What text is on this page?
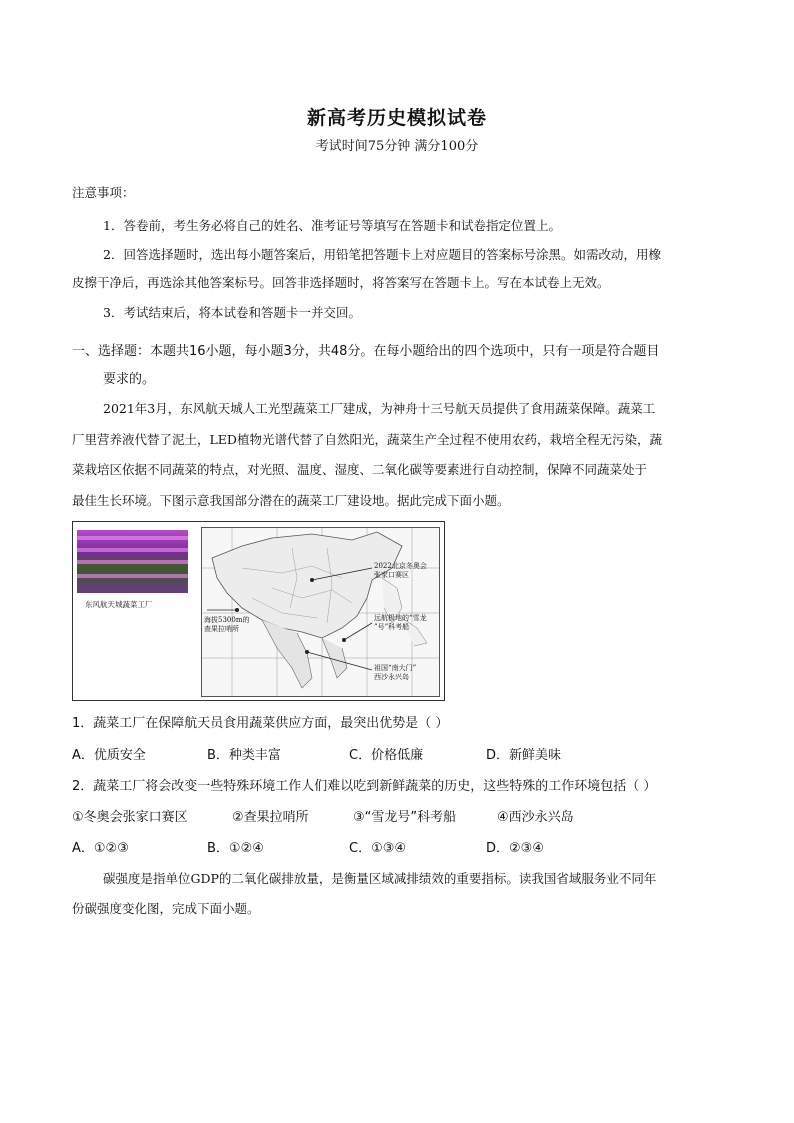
新高考历史模拟试卷
考试时间75分钟 满分100分
注意事项：
1．答卷前，考生务必将自己的姓名、准考证号等填写在答题卡和试卷指定位置上。
2．回答选择题时，选出每小题答案后，用铅笔把答题卡上对应题目的答案标号涂黑。如需改动，用橡
皮擦干净后，再选涂其他答案标号。回答非选择题时，将答案写在答题卡上。写在本试卷上无效。
3．考试结束后，将本试卷和答题卡一并交回。
一、选择题：本题共16小题，每小题3分，共48分。在每小题给出的四个选项中，只有一项是符合题目
要求的。
2021年3月，东风航天城人工光型蔬菜工厂建成，为神舟十三号航天员提供了食用蔬菜保障。蔬菜工
厂里营养液代替了泥土，LED植物光谱代替了自然阳光，蔬菜生产全过程不使用农药，栽培全程无污染，蔬
菜栽培区依据不同蔬菜的特点，对光照、温度、湿度、二氧化碳等要素进行自动控制，保障不同蔬菜处于
最佳生长环境。下图示意我国部分潜在的蔬菜工厂建设地。据此完成下面小题。
东风航天城蔬菜工厂
2022北京冬奥会
张家口赛区
海拔5300m的
查果拉哨所
远航极地的“雪龙
”号”科考船
祖国“南大门”
西沙永兴岛
1．蔬菜工厂在保障航天员食用蔬菜供应方面，最突出优势是（ ）
A．优质安全	B．种类丰富	C．价格低廉	D．新鲜美味
2．蔬菜工厂将会改变一些特殊环境工作人们难以吃到新鲜蔬菜的历史，这些特殊的工作环境包括（ ）
①冬奥会张家口赛区	②查果拉哨所	③“雪龙号”科考船	④西沙永兴岛
A．①②③	B．①②④	C．①③④	D．②③④
碳强度是指单位GDP的二氧化碳排放量，是衡量区域减排绩效的重要指标。读我国省域服务业不同年
份碳强度变化图，完成下面小题。
